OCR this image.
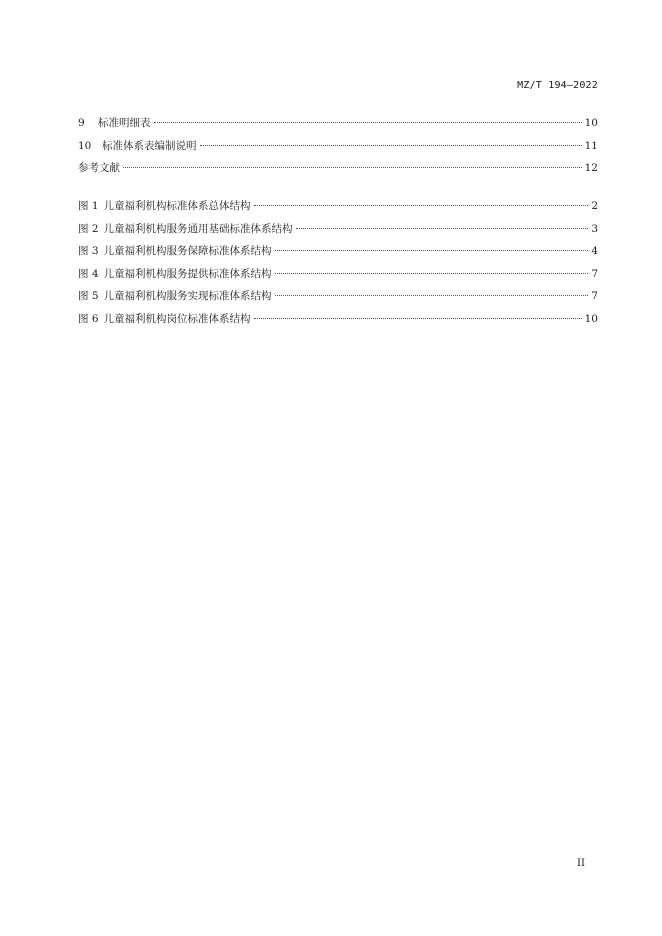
MZ/T 194—2022
9 标准明细表	10
10 标准体系表编制说明	11
参考文献	12
图 1 儿童福利机构标准体系总体结构	2
图 2 儿童福利机构服务通用基础标准体系结构	3
图 3 儿童福利机构服务保障标准体系结构	4
图 4 儿童福利机构服务提供标准体系结构	7
图 5 儿童福利机构服务实现标准体系结构	7
图 6 儿童福利机构岗位标准体系结构	10
II
